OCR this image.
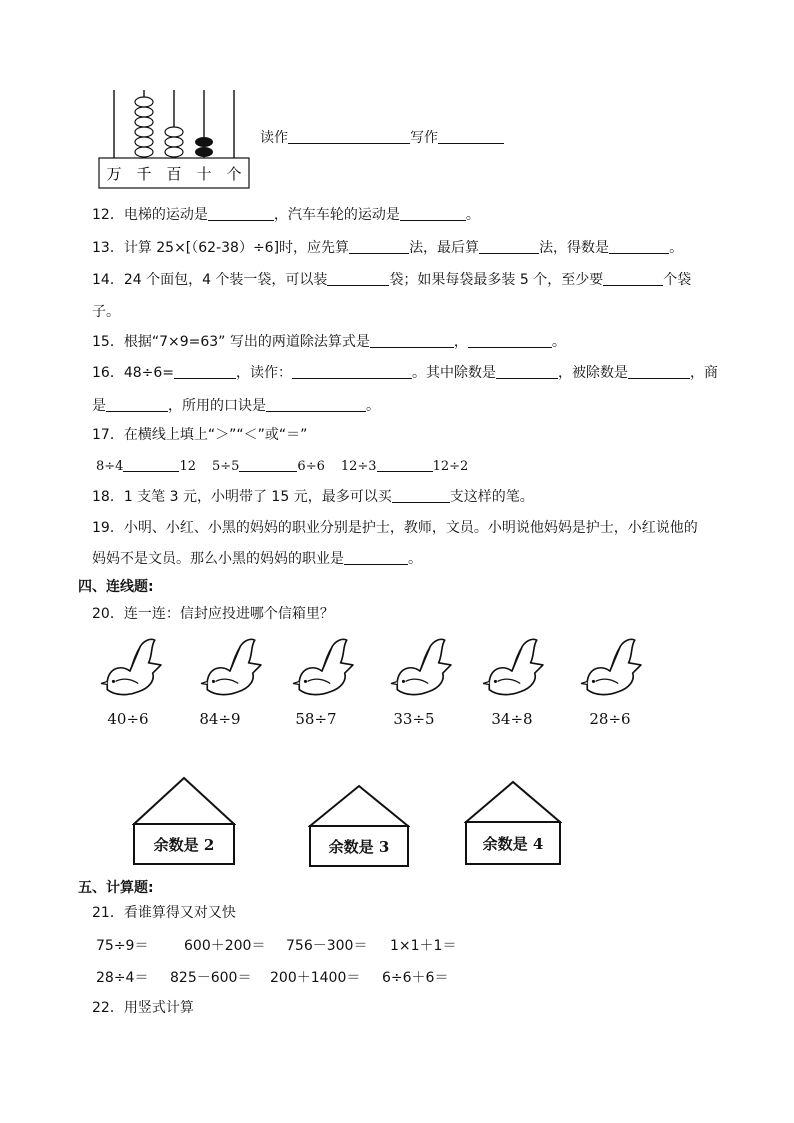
万 千 百 十 个
读作	写作
12．电梯的运动是	，汽车车轮的运动是	。
13．计算 25×[（62-38）÷6]时，应先算	法，最后算	法，得数是	。
14．24 个面包，4 个装一袋，可以装	袋；如果每袋最多装 5 个，至少要	个袋
子。
15．根据“7×9=63” 写出的两道除法算式是	，	。
16．48÷6=	，读作：	。其中除数是	，被除数是	，商
是	，所用的口诀是	。
17．在横线上填上“＞”“＜”或“＝”
8÷4	12 5÷5	6÷6 12÷3	12÷2
18．1 支笔 3 元，小明带了 15 元，最多可以买	支这样的笔。
19．小明、小红、小黑的妈妈的职业分别是护士，教师，文员。小明说他妈妈是护士，小红说他的
妈妈不是文员。那么小黑的妈妈的职业是	。
四、连线题:
20．连一连：信封应投进哪个信箱里？
40÷6	84÷9	58÷7	33÷5	34÷8	28÷6
余数是 2	余数是 3	余数是 4
五、计算题:
21．看谁算得又对又快
75÷9＝	600＋200＝ 756－300＝ 1×1＋1＝
28÷4＝ 825－600＝ 200＋1400＝ 6÷6＋6＝
22．用竖式计算
